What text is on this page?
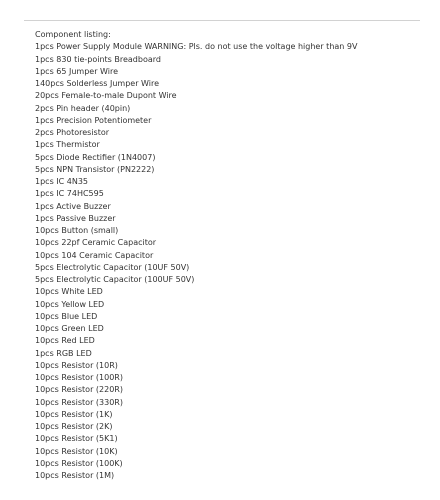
Component listing:
1pcs Power Supply Module WARNING: Pls. do not use the voltage higher than 9V
1pcs 830 tie-points Breadboard
1pcs 65 Jumper Wire
140pcs Solderless Jumper Wire
20pcs Female-to-male Dupont Wire
2pcs Pin header (40pin)
1pcs Precision Potentiometer
2pcs Photoresistor
1pcs Thermistor
5pcs Diode Rectifier (1N4007)
5pcs NPN Transistor (PN2222)
1pcs IC 4N35
1pcs IC 74HC595
1pcs Active Buzzer
1pcs Passive Buzzer
10pcs Button (small)
10pcs 22pf Ceramic Capacitor
10pcs 104 Ceramic Capacitor
5pcs Electrolytic Capacitor (10UF 50V)
5pcs Electrolytic Capacitor (100UF 50V)
10pcs White LED
10pcs Yellow LED
10pcs Blue LED
10pcs Green LED
10pcs Red LED
1pcs RGB LED
10pcs Resistor (10R)
10pcs Resistor (100R)
10pcs Resistor (220R)
10pcs Resistor (330R)
10pcs Resistor (1K)
10pcs Resistor (2K)
10pcs Resistor (5K1)
10pcs Resistor (10K)
10pcs Resistor (100K)
10pcs Resistor (1M)
